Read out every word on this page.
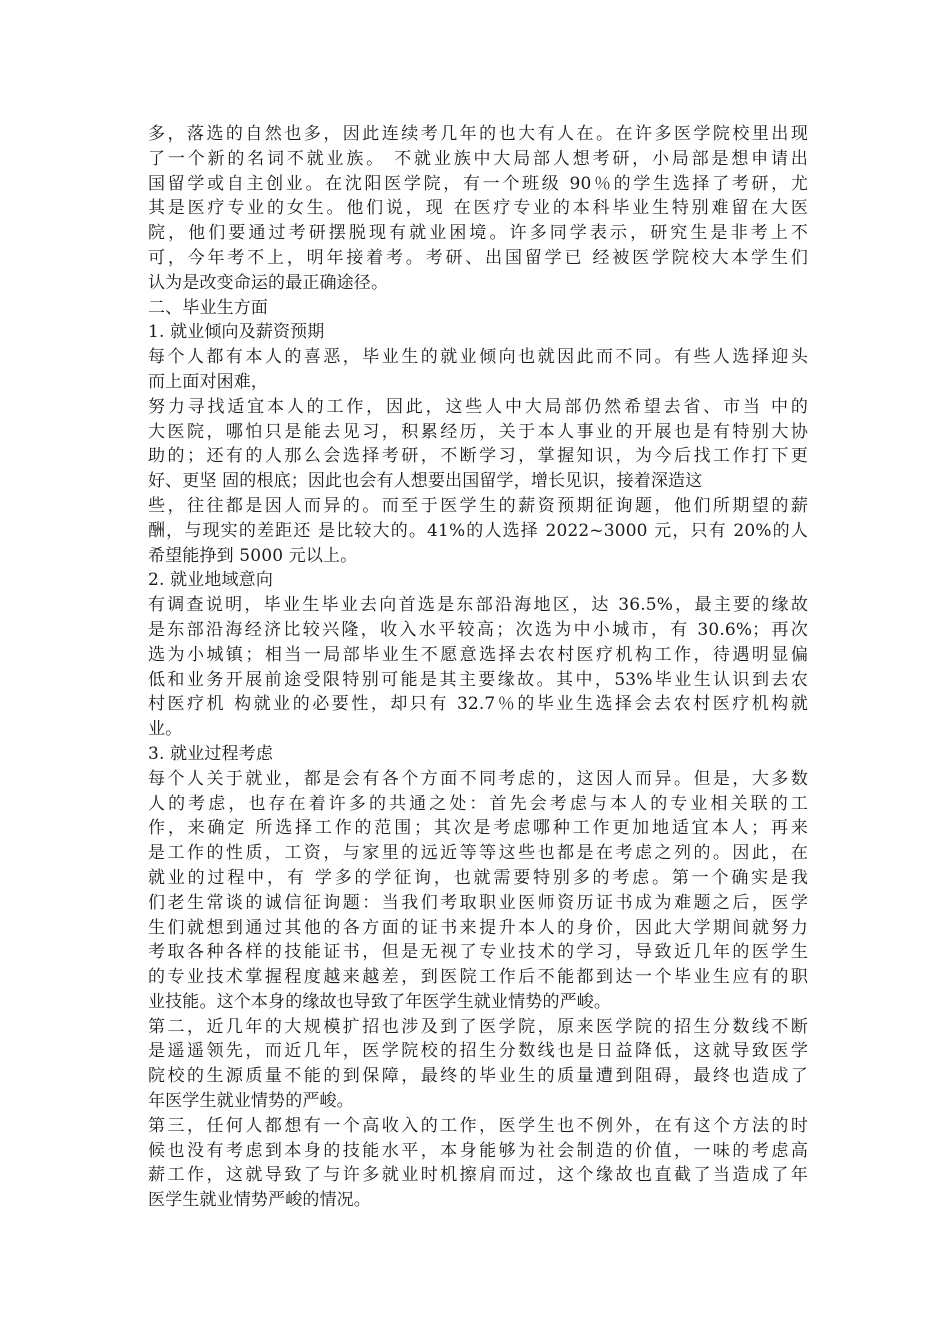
多，落选的自然也多，因此连续考几年的也大有人在。在许多医学院校里出现
了一个新的名词不就业族。 不就业族中大局部人想考研，小局部是想申请出
国留学或自主创业。在沈阳医学院，有一个班级 90％的学生选择了考研，尤
其是医疗专业的女生。他们说，现 在医疗专业的本科毕业生特别难留在大医
院，他们要通过考研摆脱现有就业困境。许多同学表示，研究生是非考上不
可，今年考不上，明年接着考。考研、出国留学已 经被医学院校大本学生们
认为是改变命运的最正确途径。
二、毕业生方面
1. 就业倾向及薪资预期
每个人都有本人的喜恶，毕业生的就业倾向也就因此而不同。有些人选择迎头
而上面对困难，
努力寻找适宜本人的工作，因此，这些人中大局部仍然希望去省、市当 中的
大医院，哪怕只是能去见习，积累经历，关于本人事业的开展也是有特别大协
助的；还有的人那么会选择考研，不断学习，掌握知识，为今后找工作打下更
好、更坚 固的根底；因此也会有人想要出国留学，增长见识，接着深造这
些，往往都是因人而异的。而至于医学生的薪资预期征询题，他们所期望的薪
酬，与现实的差距还 是比较大的。41%的人选择 2022~3000 元，只有 20%的人
希望能挣到 5000 元以上。
2. 就业地域意向
有调查说明，毕业生毕业去向首选是东部沿海地区，达 36.5%，最主要的缘故
是东部沿海经济比较兴隆，收入水平较高；次选为中小城市，有 30.6%；再次
选为小城镇；相当一局部毕业生不愿意选择去农村医疗机构工作，待遇明显偏
低和业务开展前途受限特别可能是其主要缘故。其中，53%毕业生认识到去农
村医疗机 构就业的必要性，却只有 32.7％的毕业生选择会去农村医疗机构就
业。
3. 就业过程考虑
每个人关于就业，都是会有各个方面不同考虑的，这因人而异。但是，大多数
人的考虑，也存在着许多的共通之处：首先会考虑与本人的专业相关联的工
作，来确定 所选择工作的范围；其次是考虑哪种工作更加地适宜本人；再来
是工作的性质，工资，与家里的远近等等这些也都是在考虑之列的。因此，在
就业的过程中，有 学多的学征询，也就需要特别多的考虑。第一个确实是我
们老生常谈的诚信征询题：当我们考取职业医师资历证书成为难题之后，医学
生们就想到通过其他的各方面的证书来提升本人的身价，因此大学期间就努力
考取各种各样的技能证书，但是无视了专业技术的学习，导致近几年的医学生
的专业技术掌握程度越来越差，到医院工作后不能都到达一个毕业生应有的职
业技能。这个本身的缘故也导致了年医学生就业情势的严峻。
第二，近几年的大规模扩招也涉及到了医学院，原来医学院的招生分数线不断
是遥遥领先，而近几年，医学院校的招生分数线也是日益降低，这就导致医学
院校的生源质量不能的到保障，最终的毕业生的质量遭到阻碍，最终也造成了
年医学生就业情势的严峻。
第三，任何人都想有一个高收入的工作，医学生也不例外，在有这个方法的时
候也没有考虑到本身的技能水平，本身能够为社会制造的价值，一味的考虑高
薪工作，这就导致了与许多就业时机擦肩而过，这个缘故也直截了当造成了年
医学生就业情势严峻的情况。
